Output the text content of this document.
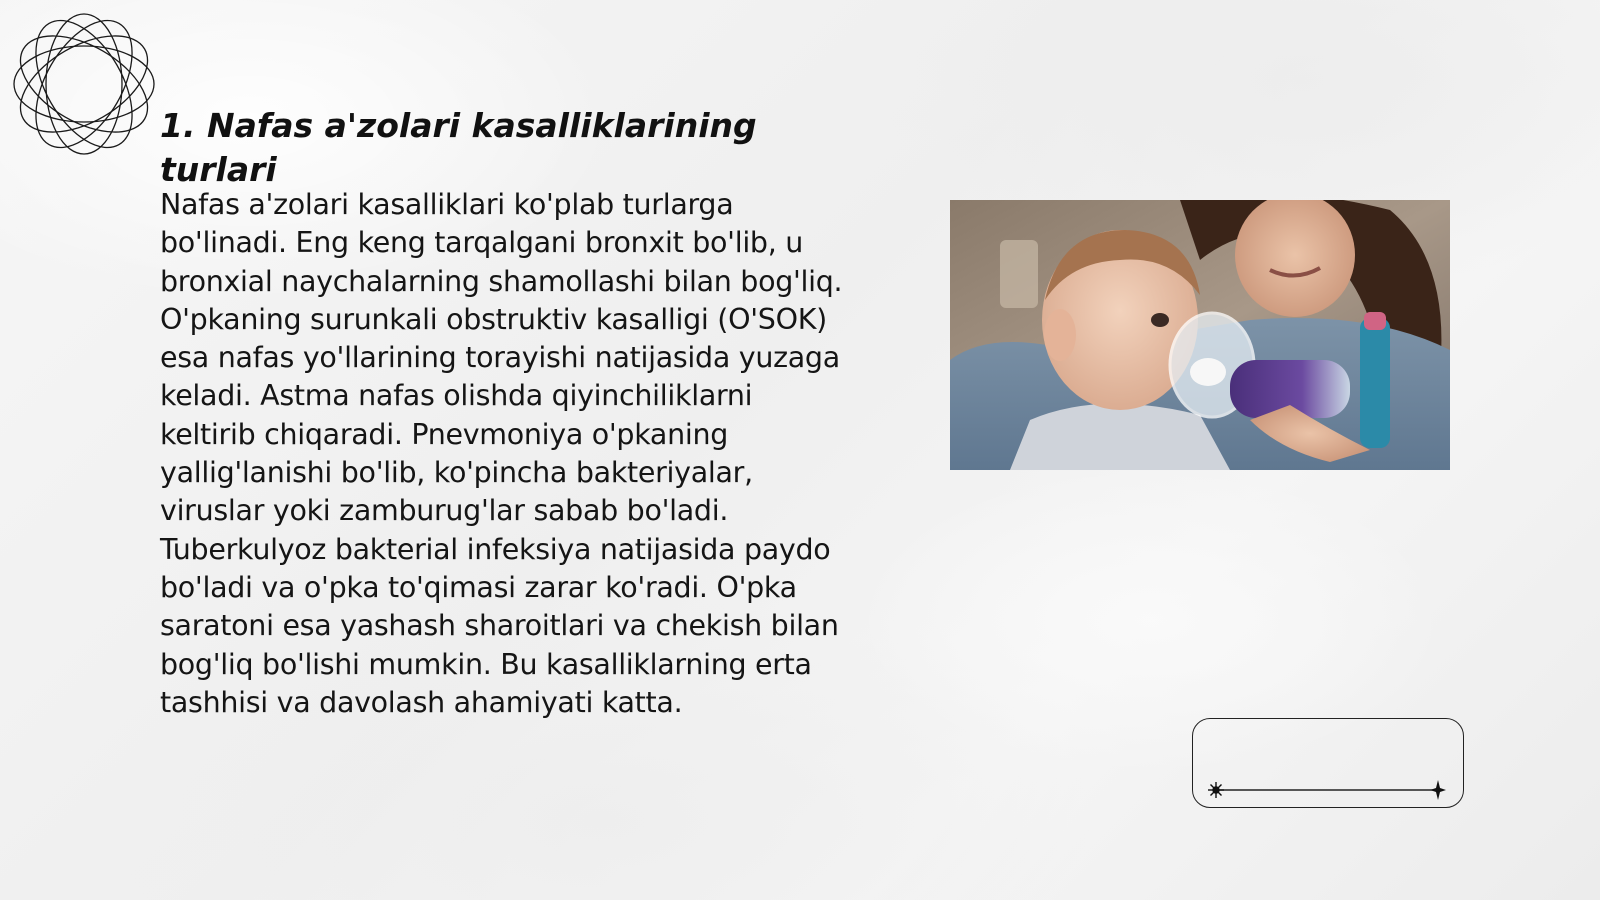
1. Nafas a'zolari kasalliklarining turlari

Nafas a'zolari kasalliklari ko'plab turlarga bo'linadi. Eng keng tarqalgani bronxit bo'lib, u bronxial naychalarning shamollashi bilan bog'liq. O'pkaning surunkali obstruktiv kasalligi (O'SOK) esa nafas yo'llarining torayishi natijasida yuzaga keladi. Astma nafas olishda qiyinchiliklarni keltirib chiqaradi. Pnevmoniya o'pkaning yallig'lanishi bo'lib, ko'pincha bakteriyalar, viruslar yoki zamburug'lar sabab bo'ladi. Tuberkulyoz bakterial infeksiya natijasida paydo bo'ladi va o'pka to'qimasi zarar ko'radi. O'pka saratoni esa yashash sharoitlari va chekish bilan bog'liq bo'lishi mumkin. Bu kasalliklarning erta tashhisi va davolash ahamiyati katta.
